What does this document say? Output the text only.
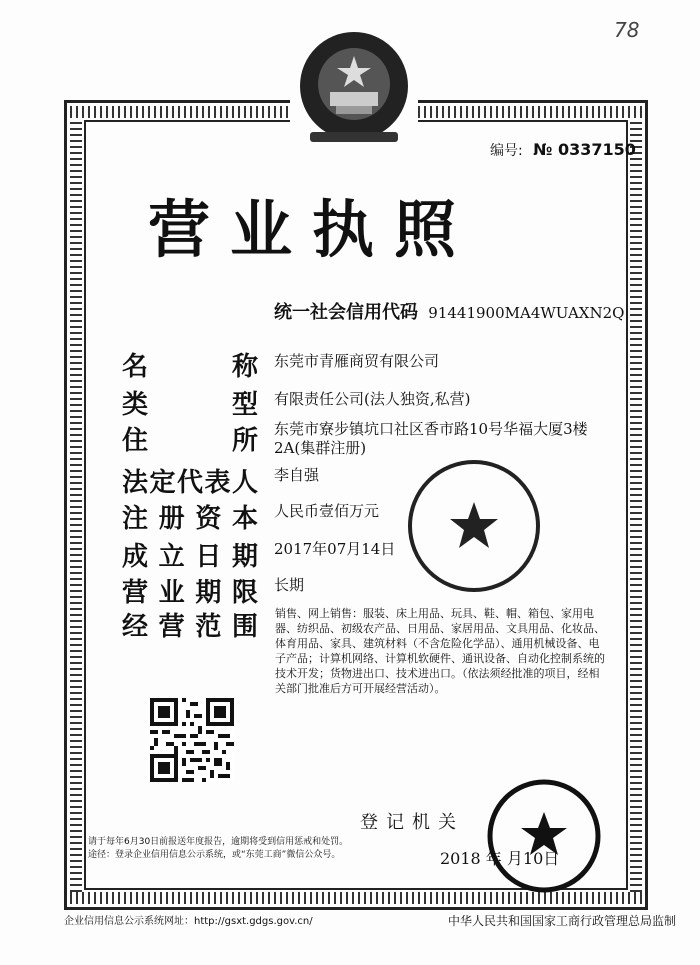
78
编号: № 0337150
营业执照
统一社会信用代码 91441900MA4WUAXN2Q
名	称 东莞市青雁商贸有限公司
类	型 有限责任公司(法人独资,私营)
住	所 东莞市寮步镇坑口社区香市路10号华福大厦3楼2A(集群注册)
法 定 代 表 人 李自强
注 册 资 本 人民币壹佰万元
成 立 日 期 2017年07月14日
营 业 期 限 长期
经 营 范 围 销售、网上销售：服装、床上用品、玩具、鞋、帽、箱包、家用电器、纺织品、初级农产品、日用品、家居用品、文具用品、化妆品、体育用品、家具、建筑材料（不含危险化学品）、通用机械设备、电子产品；计算机网络、计算机软硬件、通讯设备、自动化控制系统的技术开发；货物进出口、技术进出口。（依法须经批准的项目，经相关部门批准后方可开展经营活动）。
登记机关
2018 年 月10日
请于每年6月30日前报送年度报告，逾期将受到信用惩戒和处罚。
途径：登录企业信用信息公示系统，或“东莞工商”微信公众号。
企业信用信息公示系统网址：http://gsxt.gdgs.gov.cn/	中华人民共和国国家工商行政管理总局监制
